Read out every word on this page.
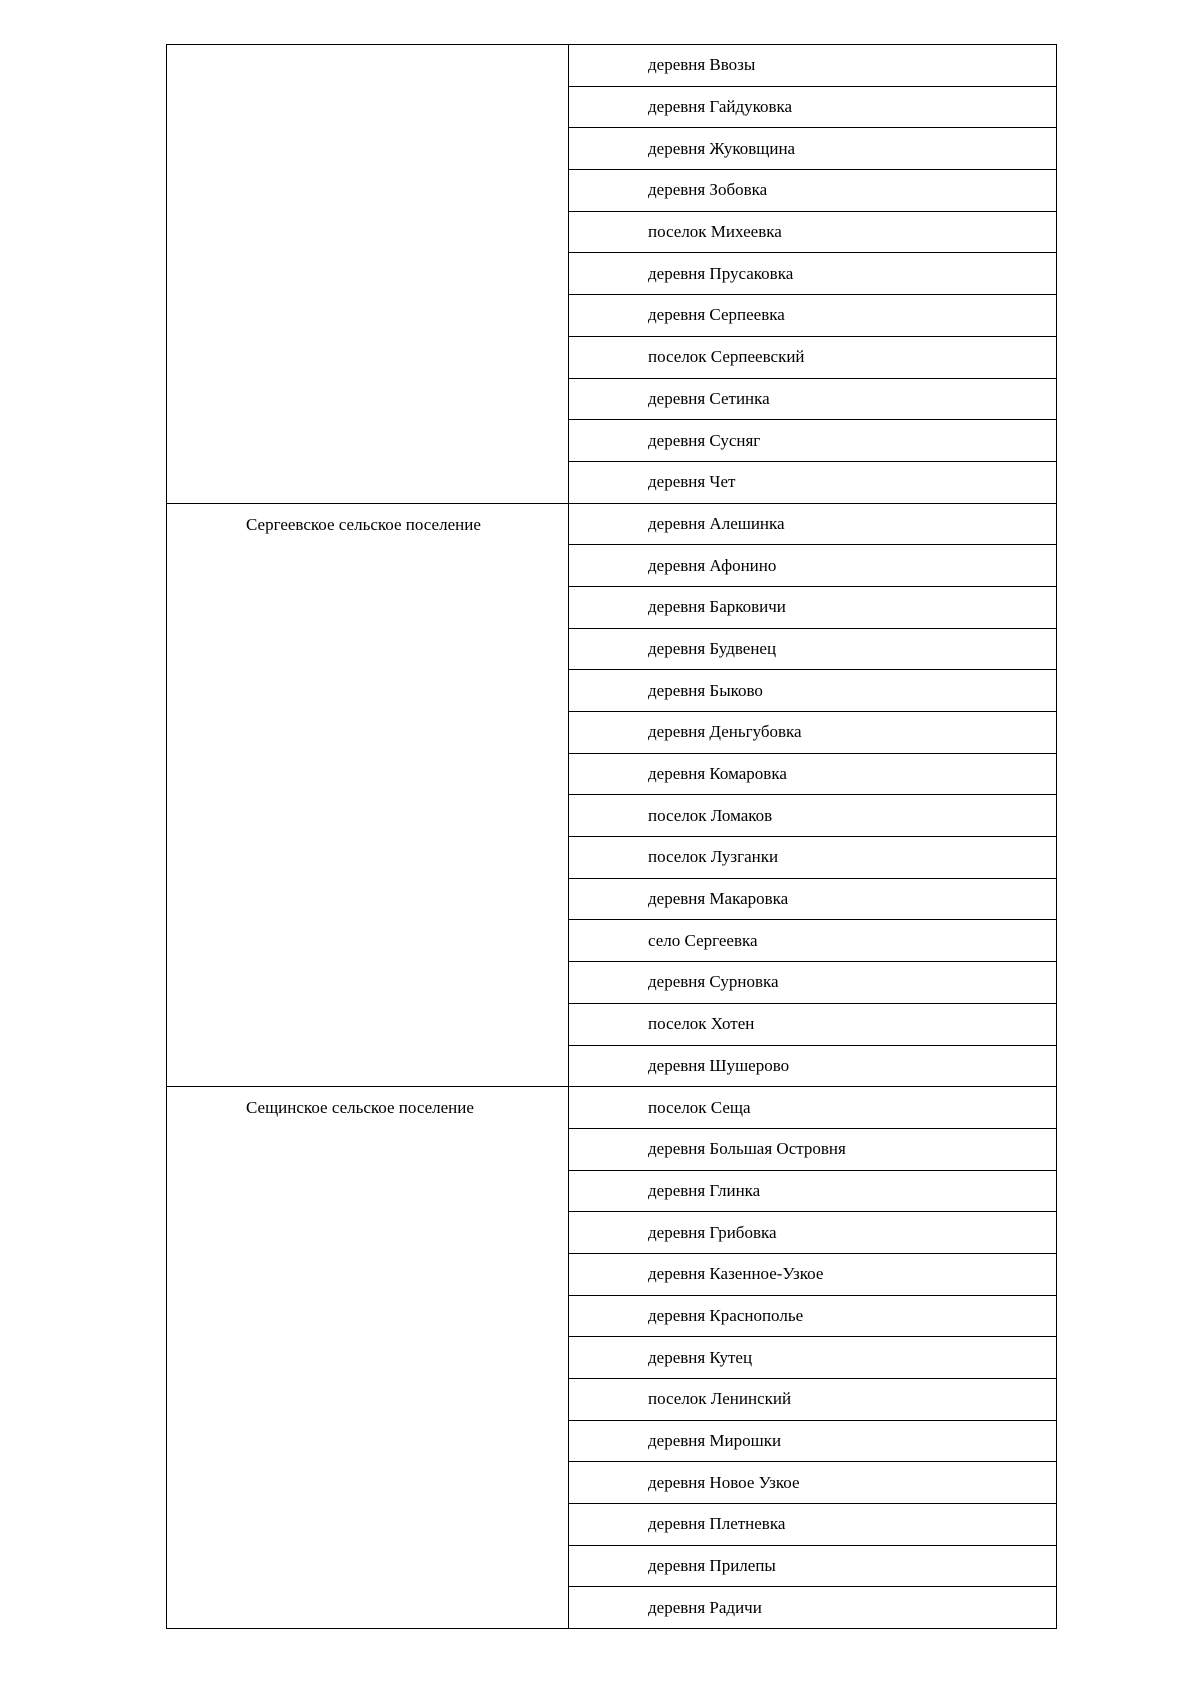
	деревня Ввозы
	деревня Гайдуковка
	деревня Жуковщина
	деревня Зобовка
	поселок Михеевка
	деревня Прусаковка
	деревня Серпеевка
	поселок Серпеевский
	деревня Сетинка
	деревня Сусняг
	деревня Чет
Сергеевское сельское поселение	деревня Алешинка
	деревня Афонино
	деревня Барковичи
	деревня Будвенец
	деревня Быково
	деревня Деньгубовка
	деревня Комаровка
	поселок Ломаков
	поселок Лузганки
	деревня Макаровка
	село Сергеевка
	деревня Сурновка
	поселок Хотен
	деревня Шушерово
Сещинское сельское поселение	поселок Сеща
	деревня Большая Островня
	деревня Глинка
	деревня Грибовка
	деревня Казенное-Узкое
	деревня Краснополье
	деревня Кутец
	поселок Ленинский
	деревня Мирошки
	деревня Новое Узкое
	деревня Плетневка
	деревня Прилепы
	деревня Радичи
